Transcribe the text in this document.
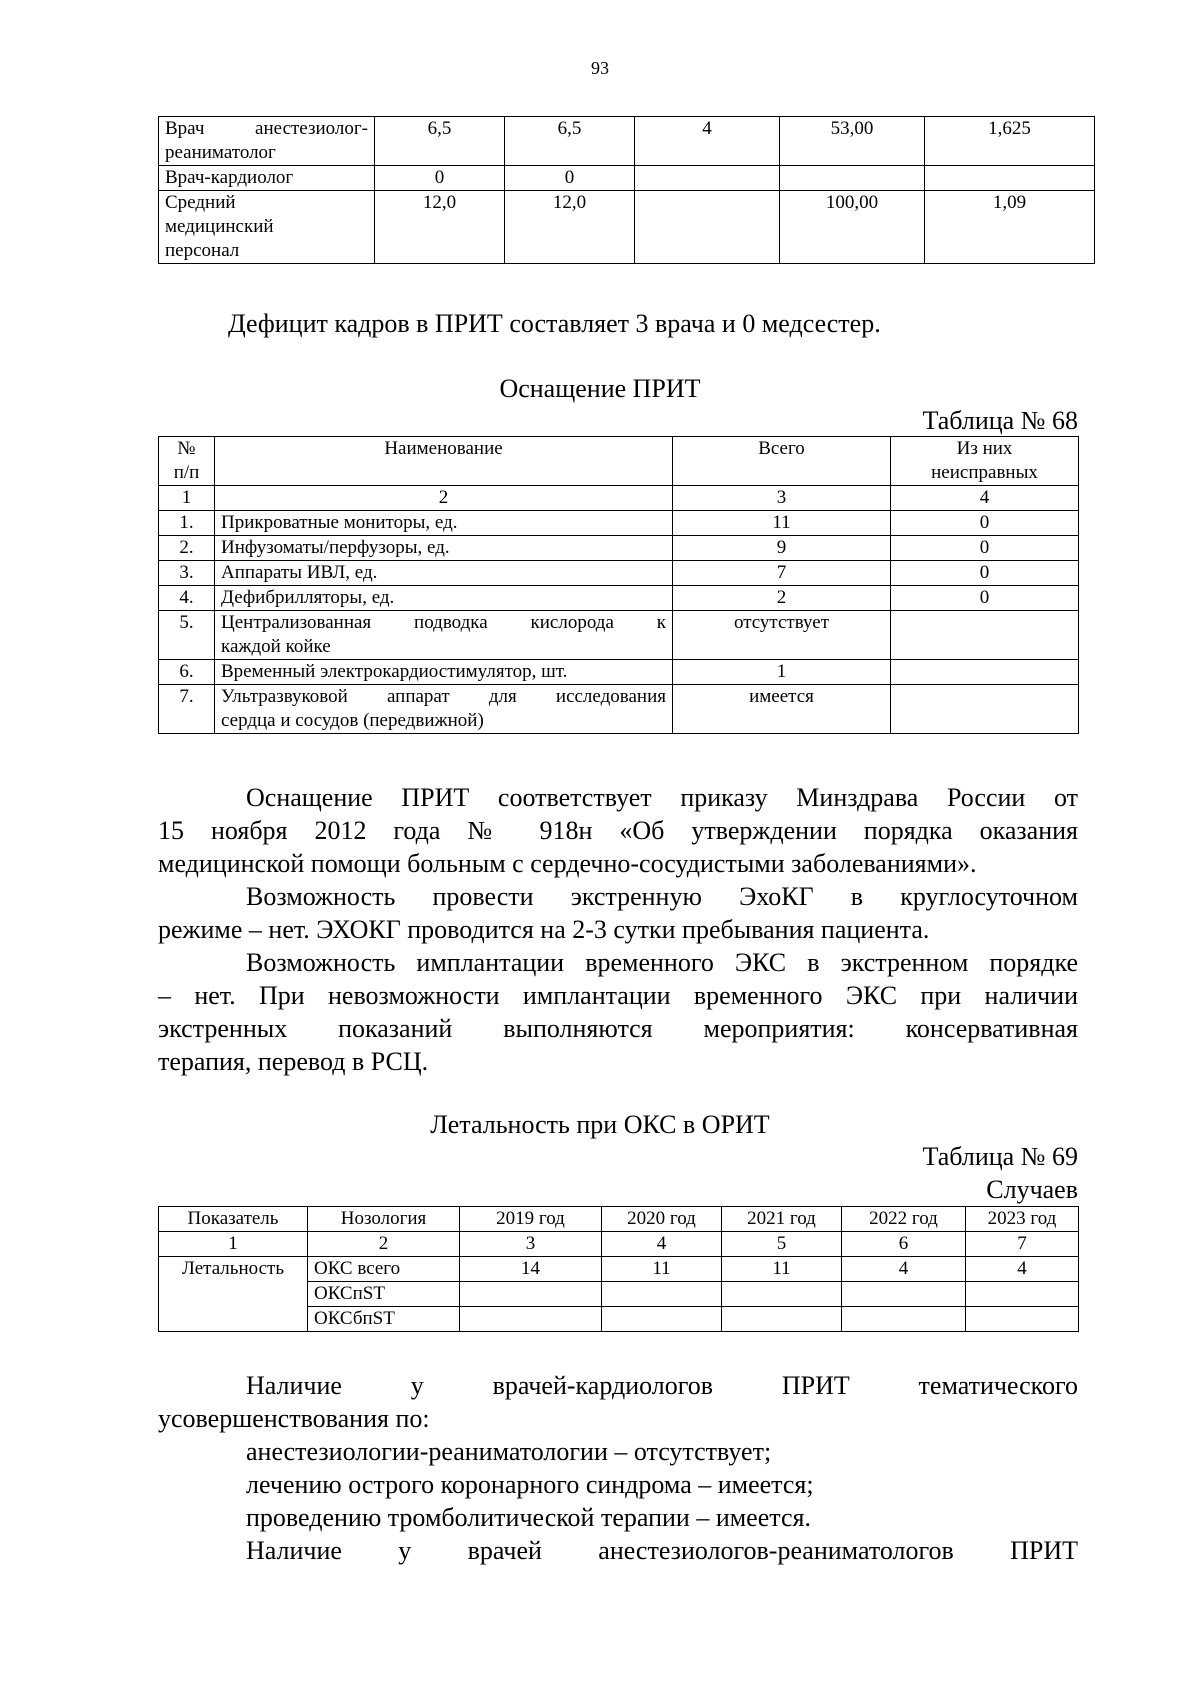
93
Врач анестезиолог-

реаниматолог	6,5	6,5	4	53,00	1,625
Врач-кардиолог	0	0			
Средний
медицинский
персонал	12,0	12,0		100,00	1,09
Дефицит кадров в ПРИТ составляет 3 врача и 0 медсестер.
Оснащение ПРИТ
Таблица № 68
№
п/п	Наименование	Всего	Из них
неисправных
1	2	3	4
1.	Прикроватные мониторы, ед.	11	0
2.	Инфузоматы/перфузоры, ед.	9	0
3.	Аппараты ИВЛ, ед.	7	0
4.	Дефибрилляторы, ед.	2	0
5.	Централизованная подводка кислорода к
каждой койке	отсутствует	
6.	Временный электрокардиостимулятор, шт.	1	
7.	Ультразвуковой аппарат для исследования
сердца и сосудов (передвижной)	имеется	

Оснащение ПРИТ соответствует приказу Минздрава России от

15 ноября 2012 года № 918н «Об утверждении порядка оказания

медицинской помощи больным с сердечно-сосудистыми заболеваниями».

Возможность провести экстренную ЭхоКГ в круглосуточном

режиме – нет. ЭХОКГ проводится на 2-3 сутки пребывания пациента.

Возможность имплантации временного ЭКС в экстренном порядке

– нет. При невозможности имплантации временного ЭКС при наличии

экстренных показаний выполняются мероприятия: консервативная

терапия, перевод в РСЦ.

Летальность при ОКС в ОРИТ
Таблица № 69
Случаев
Показатель	Нозология	2019 год	2020 год	2021 год	2022 год	2023 год
1	2	3	4	5	6	7
Летальность	ОКС всего	14	11	11	4	4
	ОКСпST					
	ОКСбпST					

Наличие у врачей-кардиологов ПРИТ тематического

усовершенствования по:

анестезиологии-реаниматологии – отсутствует;

лечению острого коронарного синдрома – имеется;

проведению тромболитической терапии – имеется.

Наличие у врачей анестезиологов-реаниматологов ПРИТ
